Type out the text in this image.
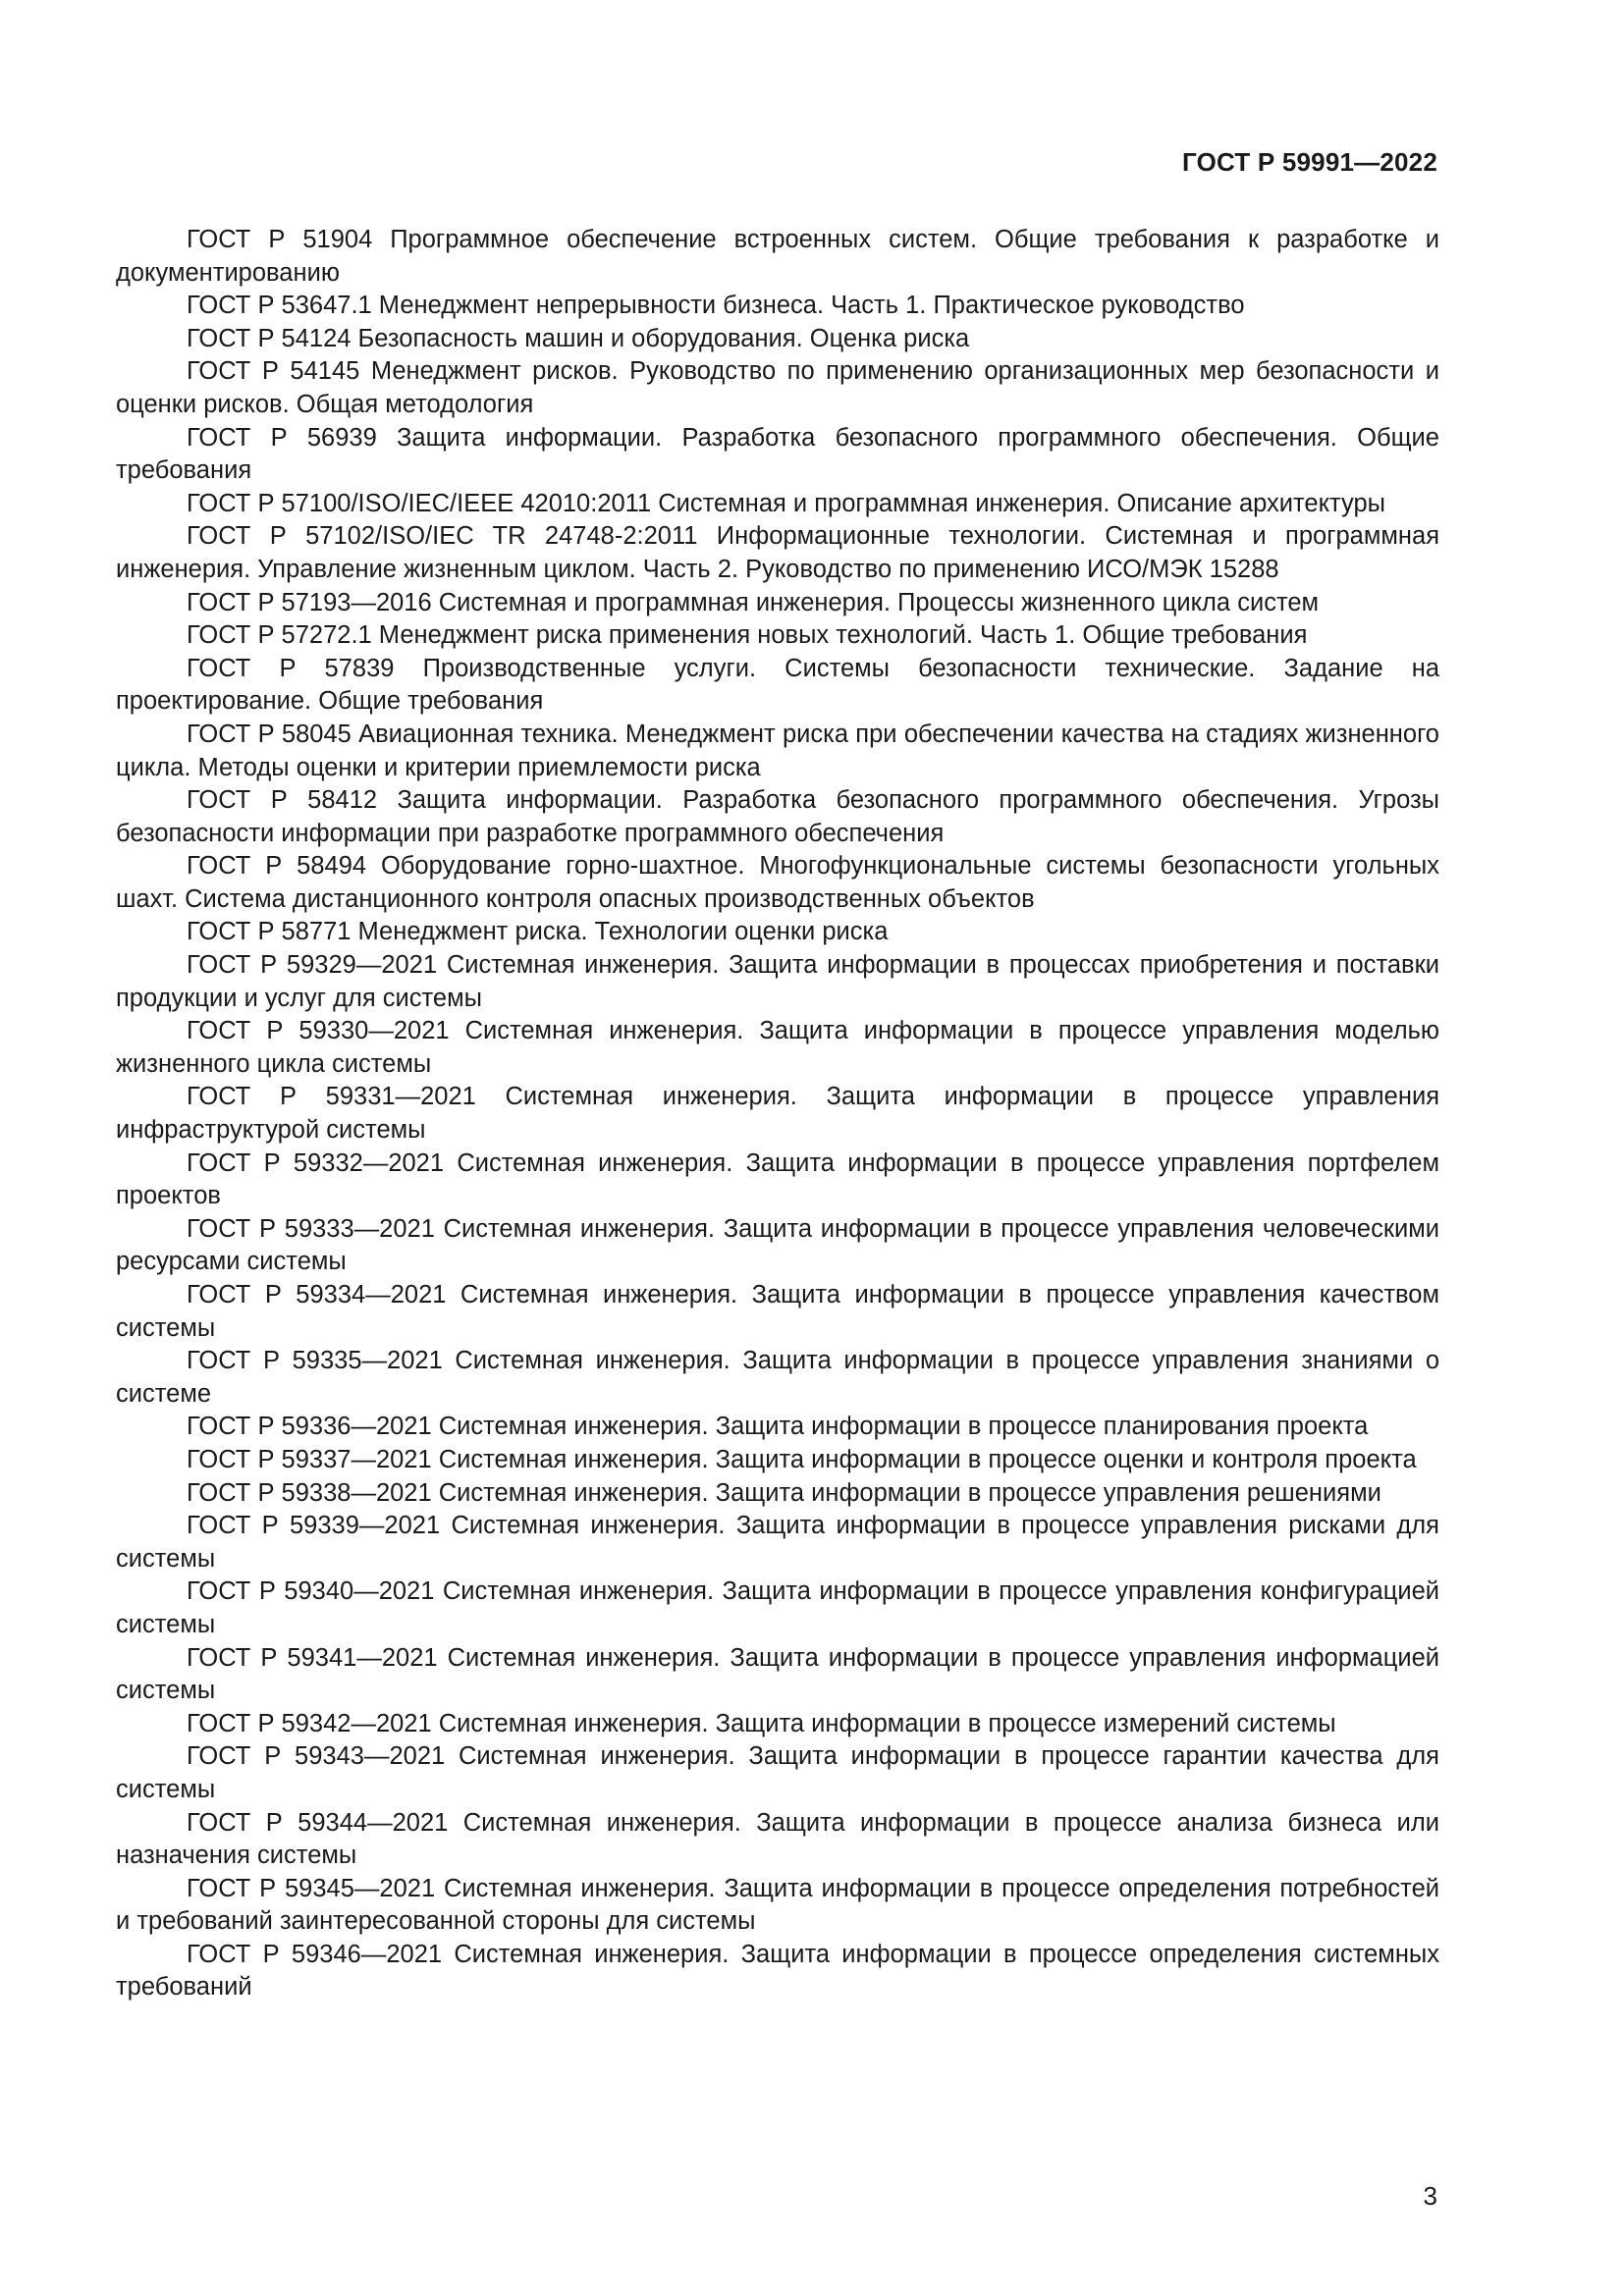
ГОСТ Р 59991—2022

ГОСТ Р 51904 Программное обеспечение встроенных систем. Общие требования к разработке и документированию

ГОСТ Р 53647.1 Менеджмент непрерывности бизнеса. Часть 1. Практическое руководство

ГОСТ Р 54124 Безопасность машин и оборудования. Оценка риска

ГОСТ Р 54145 Менеджмент рисков. Руководство по применению организационных мер безопасности и оценки рисков. Общая методология

ГОСТ Р 56939 Защита информации. Разработка безопасного программного обеспечения. Общие требования

ГОСТ Р 57100/ISO/IEC/IEEE 42010:2011 Системная и программная инженерия. Описание архитектуры

ГОСТ Р 57102/ISO/IEC TR 24748-2:2011 Информационные технологии. Системная и программная инженерия. Управление жизненным циклом. Часть 2. Руководство по применению ИСО/МЭК 15288

ГОСТ Р 57193—2016 Системная и программная инженерия. Процессы жизненного цикла систем

ГОСТ Р 57272.1 Менеджмент риска применения новых технологий. Часть 1. Общие требования

ГОСТ Р 57839 Производственные услуги. Системы безопасности технические. Задание на проектирование. Общие требования

ГОСТ Р 58045 Авиационная техника. Менеджмент риска при обеспечении качества на стадиях жизненного цикла. Методы оценки и критерии приемлемости риска

ГОСТ Р 58412 Защита информации. Разработка безопасного программного обеспечения. Угрозы безопасности информации при разработке программного обеспечения

ГОСТ Р 58494 Оборудование горно-шахтное. Многофункциональные системы безопасности угольных шахт. Система дистанционного контроля опасных производственных объектов

ГОСТ Р 58771 Менеджмент риска. Технологии оценки риска

ГОСТ Р 59329—2021 Системная инженерия. Защита информации в процессах приобретения и поставки продукции и услуг для системы

ГОСТ Р 59330—2021 Системная инженерия. Защита информации в процессе управления моделью жизненного цикла системы

ГОСТ Р 59331—2021 Системная инженерия. Защита информации в процессе управления инфраструктурой системы

ГОСТ Р 59332—2021 Системная инженерия. Защита информации в процессе управления портфелем проектов

ГОСТ Р 59333—2021 Системная инженерия. Защита информации в процессе управления человеческими ресурсами системы

ГОСТ Р 59334—2021 Системная инженерия. Защита информации в процессе управления качеством системы

ГОСТ Р 59335—2021 Системная инженерия. Защита информации в процессе управления знаниями о системе

ГОСТ Р 59336—2021 Системная инженерия. Защита информации в процессе планирования проекта

ГОСТ Р 59337—2021 Системная инженерия. Защита информации в процессе оценки и контроля проекта

ГОСТ Р 59338—2021 Системная инженерия. Защита информации в процессе управления решениями

ГОСТ Р 59339—2021 Системная инженерия. Защита информации в процессе управления рисками для системы

ГОСТ Р 59340—2021 Системная инженерия. Защита информации в процессе управления конфигурацией системы

ГОСТ Р 59341—2021 Системная инженерия. Защита информации в процессе управления информацией системы

ГОСТ Р 59342—2021 Системная инженерия. Защита информации в процессе измерений системы

ГОСТ Р 59343—2021 Системная инженерия. Защита информации в процессе гарантии качества для системы

ГОСТ Р 59344—2021 Системная инженерия. Защита информации в процессе анализа бизнеса или назначения системы

ГОСТ Р 59345—2021 Системная инженерия. Защита информации в процессе определения потребностей и требований заинтересованной стороны для системы

ГОСТ Р 59346—2021 Системная инженерия. Защита информации в процессе определения системных требований

3
